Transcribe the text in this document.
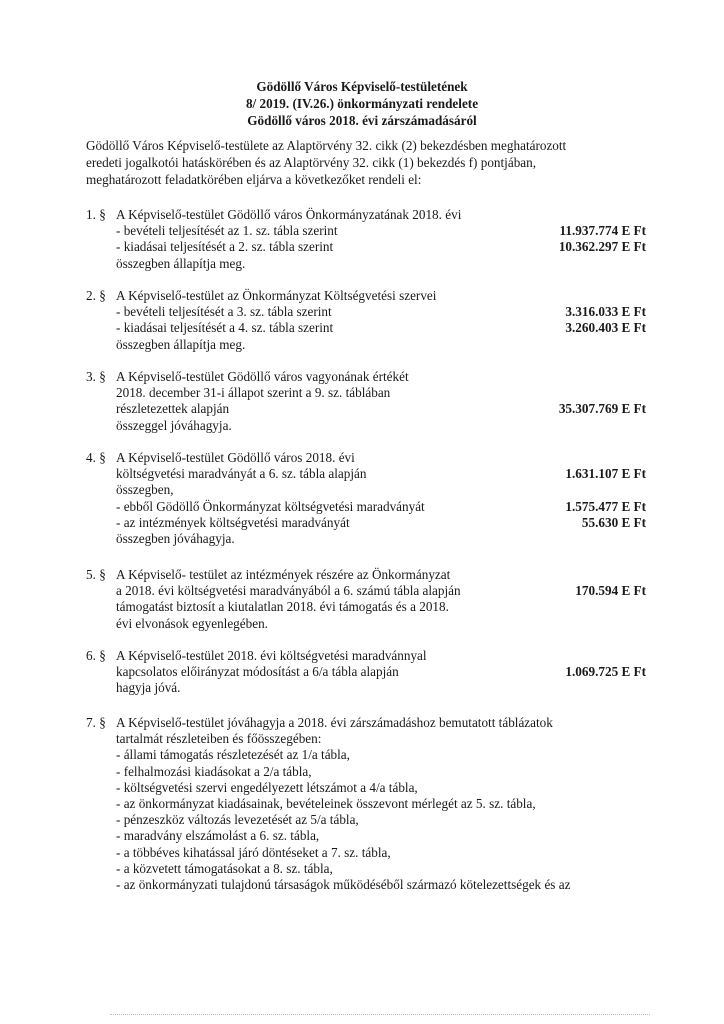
Gödöllő Város Képviselő-testületének
8/ 2019. (IV.26.) önkormányzati rendelete
Gödöllő város 2018. évi zárszámadásáról
Gödöllő Város Képviselő-testülete az Alaptörvény 32. cikk (2) bekezdésben meghatározott
eredeti jogalkotói hatáskörében és az Alaptörvény 32. cikk (1) bekezdés f) pontjában,
meghatározott feladatkörében eljárva a következőket rendeli el:
1. §
11.937.774 E Ft
10.362.297 E Ft
A Képviselő-testület Gödöllő város Önkormányzatának 2018. évi
- bevételi teljesítését az 1. sz. tábla szerint
- kiadásai teljesítését a 2. sz. tábla szerint
összegben állapítja meg.
2. §
3.316.033 E Ft
3.260.403 E Ft
A Képviselő-testület az Önkormányzat Költségvetési szervei
- bevételi teljesítését a 3. sz. tábla szerint
- kiadásai teljesítését a 4. sz. tábla szerint
összegben állapítja meg.
3. §
35.307.769 E Ft
A Képviselő-testület Gödöllő város vagyonának értékét
2018. december 31-i állapot szerint a 9. sz. táblában
részletezettek alapján
összeggel jóváhagyja.
4. §
1.631.107 E Ft
1.575.477 E Ft
55.630 E Ft
A Képviselő-testület Gödöllő város 2018. évi
költségvetési maradványát a 6. sz. tábla alapján
összegben,
- ebből Gödöllő Önkormányzat költségvetési maradványát
- az intézmények költségvetési maradványát
összegben jóváhagyja.
5. §
170.594 E Ft
A Képviselő- testület az intézmények részére az Önkormányzat
a 2018. évi költségvetési maradványából a 6. számú tábla alapján
támogatást biztosít a kiutalatlan 2018. évi támogatás és a 2018.
évi elvonások egyenlegében.
6. §
1.069.725 E Ft
A Képviselő-testület 2018. évi költségvetési maradvánnyal
kapcsolatos előirányzat módosítást a 6/a tábla alapján
hagyja jóvá.
7. § A Képviselő-testület jóváhagyja a 2018. évi zárszámadáshoz bemutatott táblázatok
tartalmát részleteiben és főösszegében:
- állami támogatás részletezését az 1/a tábla,
- felhalmozási kiadásokat a 2/a tábla,
- költségvetési szervi engedélyezett létszámot a 4/a tábla,
- az önkormányzat kiadásainak, bevételeinek összevont mérlegét az 5. sz. tábla,
- pénzeszköz változás levezetését az 5/a tábla,
- maradvány elszámolást a 6. sz. tábla,
- a többéves kihatással járó döntéseket a 7. sz. tábla,
- a közvetett támogatásokat a 8. sz. tábla,
- az önkormányzati tulajdonú társaságok működéséből származó kötelezettségek és az
